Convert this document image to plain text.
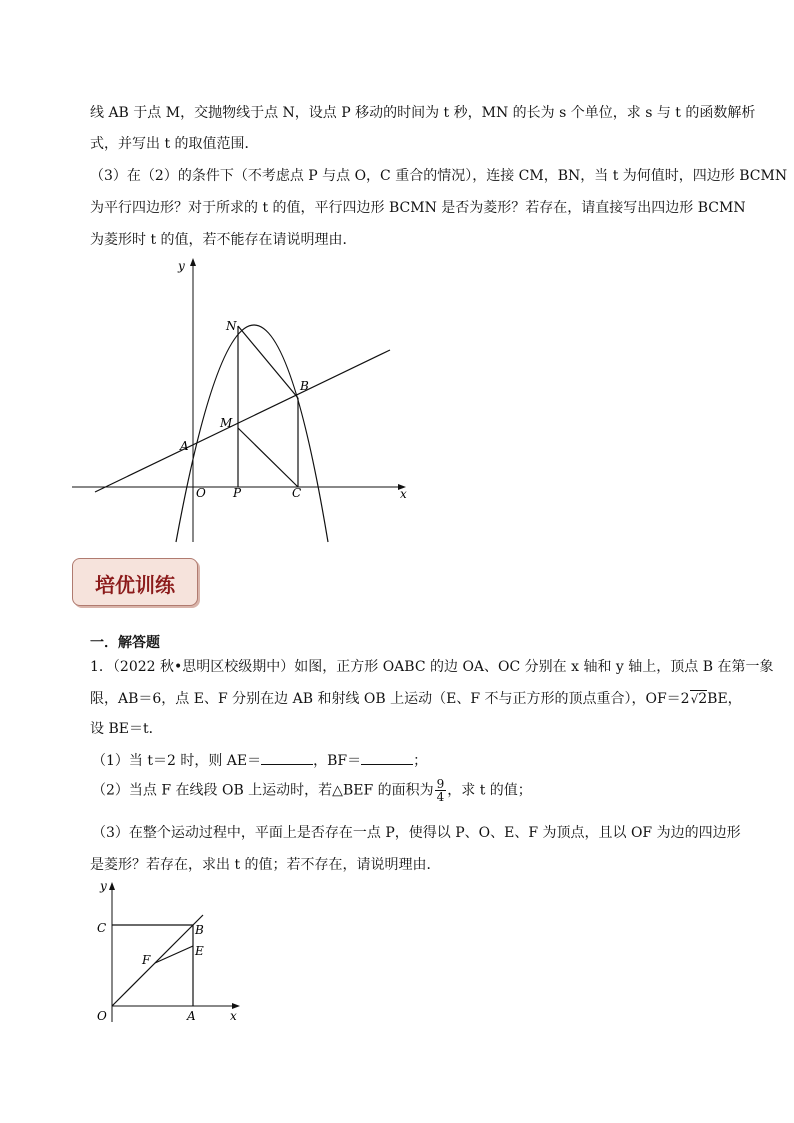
线 AB 于点 M，交抛物线于点 N，设点 P 移动的时间为 t 秒，MN 的长为 s 个单位，求 s 与 t 的函数解析
式，并写出 t 的取值范围．
（3）在（2）的条件下（不考虑点 P 与点 O，C 重合的情况），连接 CM，BN，当 t 为何值时，四边形 BCMN
为平行四边形？对于所求的 t 的值，平行四边形 BCMN 是否为菱形？若存在，请直接写出四边形 BCMN
为菱形时 t 的值，若不能存在请说明理由．
y
x
N
B
M
A
O P	C
培优训练
一．解答题
1．（2022 秋•思明区校级期中）如图，正方形 OABC 的边 OA、OC 分别在 x 轴和 y 轴上，顶点 B 在第一象
限，AB＝6，点 E、F 分别在边 AB 和射线 OB 上运动（E、F 不与正方形的顶点重合），OF＝2√2BE，
设 BE＝t．
（1）当 t＝2 时，则 AE＝	，BF＝	；
（2）当点 F 在线段 OB 上运动时，若△BEF 的面积为 $\frac{9}{4}$ ，求 t 的值；
（3）在整个运动过程中，平面上是否存在一点 P，使得以 P、O、E、F 为顶点，且以 OF 为边的四边形
是菱形？若存在，求出 t 的值；若不存在，请说明理由．
y
x
C	B
E
F
O	A
